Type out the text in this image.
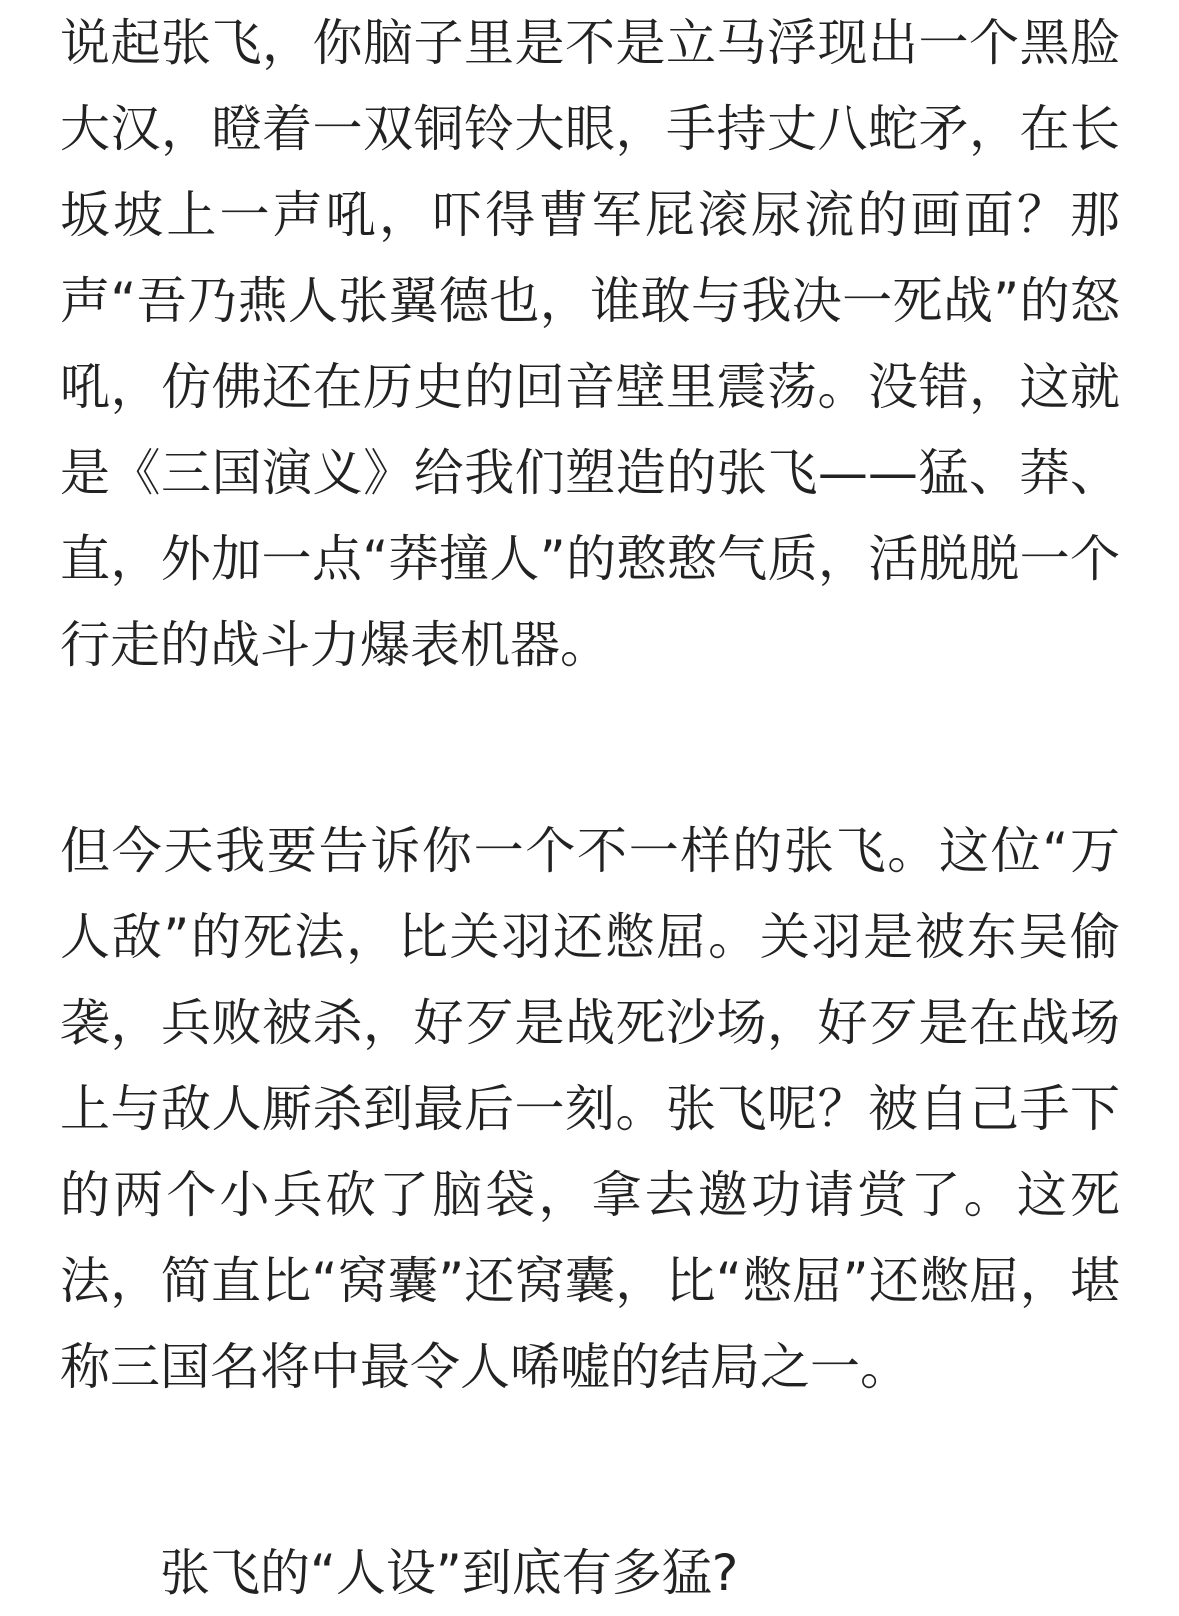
说起张飞，你脑子里是不是立马浮现出一个黑脸大汉，瞪着一双铜铃大眼，手持丈八蛇矛，在长坂坡上一声吼，吓得曹军屁滚尿流的画面？那声“吾乃燕人张翼德也，谁敢与我决一死战”的怒吼，仿佛还在历史的回音壁里震荡。没错，这就是《三国演义》给我们塑造的张飞——猛、莽、直，外加一点“莽撞人”的憨憨气质，活脱脱一个行走的战斗力爆表机器。

但今天我要告诉你一个不一样的张飞。这位“万人敌”的死法，比关羽还憋屈。关羽是被东吴偷袭，兵败被杀，好歹是战死沙场，好歹是在战场上与敌人厮杀到最后一刻。张飞呢？被自己手下的两个小兵砍了脑袋，拿去邀功请赏了。这死法，简直比“窝囊”还窝囊，比“憋屈”还憋屈，堪称三国名将中最令人唏嘘的结局之一。

张飞的“人设”到底有多猛?
